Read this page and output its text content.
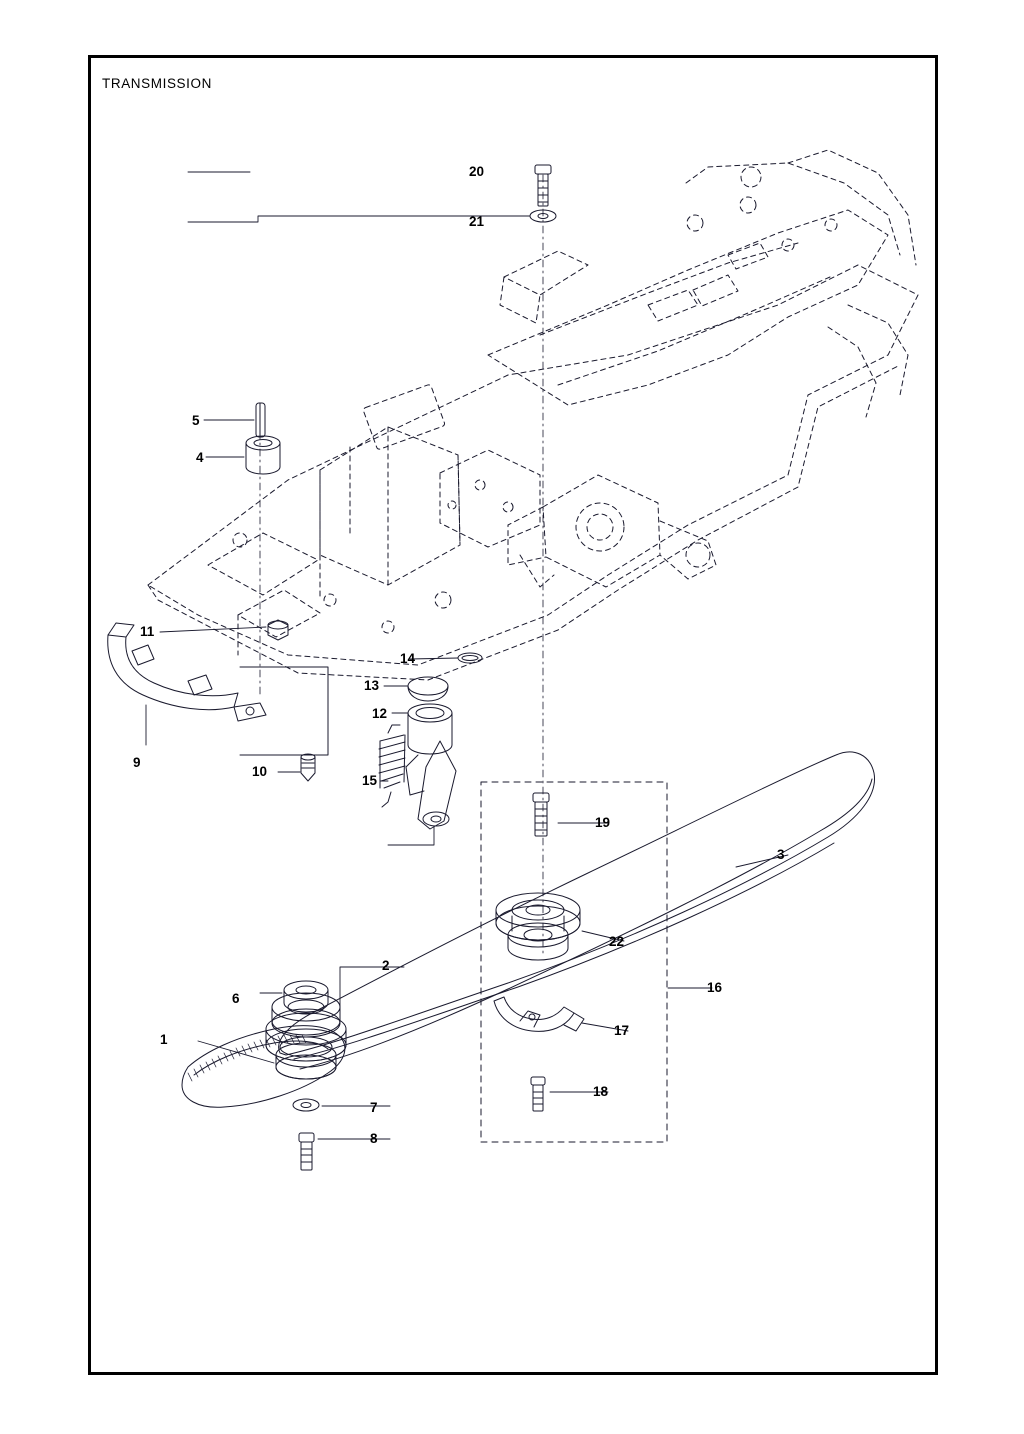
TRANSMISSION
1
2
3
4
5
6
7
8
9
10
11
12
13
14
15
16
17
18
19
20
21
22
